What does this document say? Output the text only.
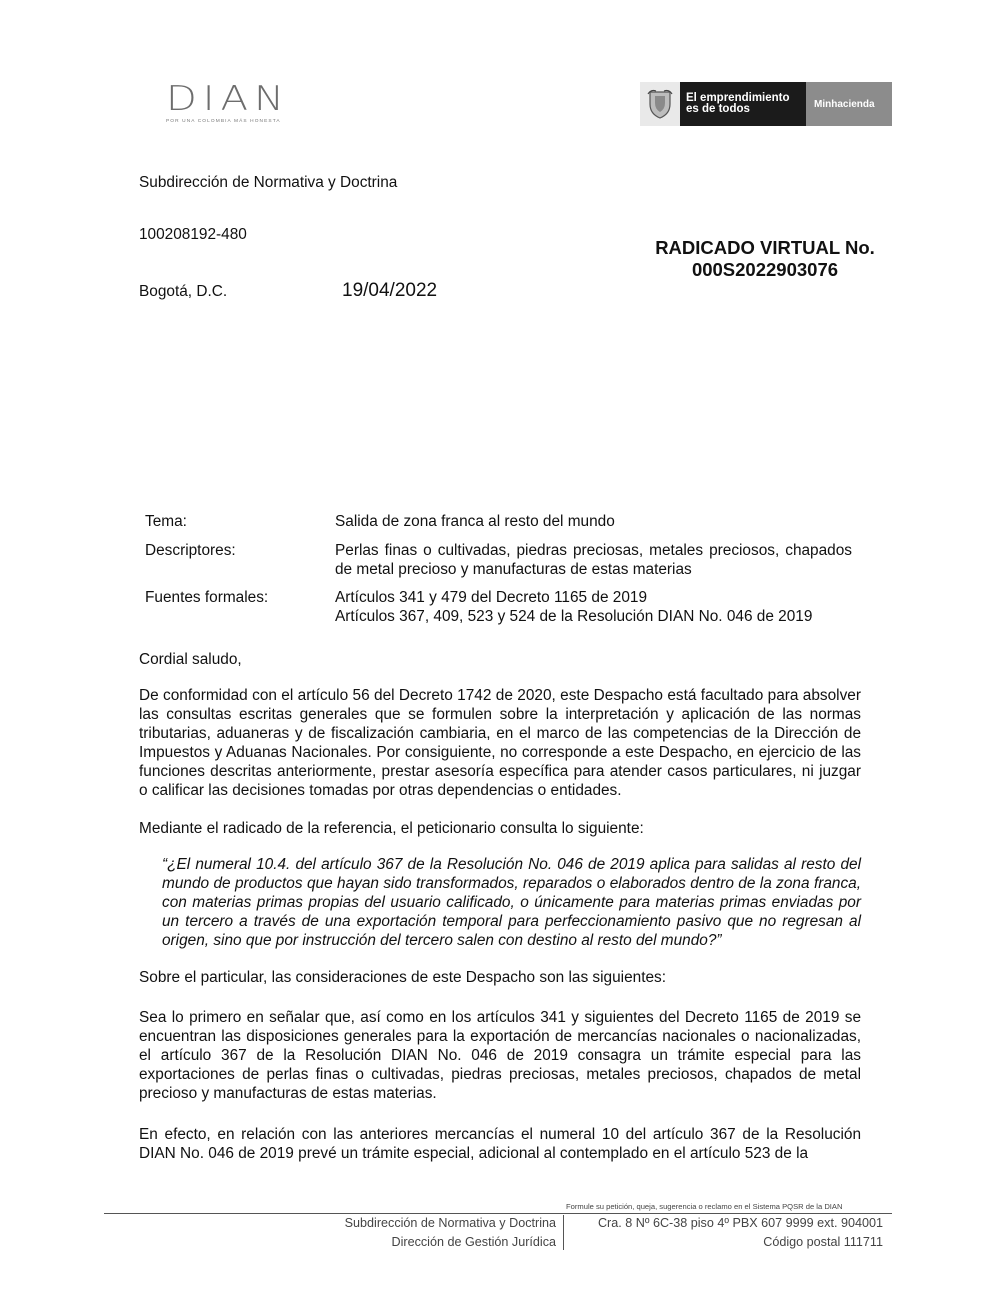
DIAN
POR UNA COLOMBIA MÁS HONESTA
El emprendimiento
es de todos	Minhacienda
Subdirección de Normativa y Doctrina
100208192-480
RADICADO VIRTUAL No.
000S2022903076
Bogotá, D.C.	19/04/2022
Tema:	Salida de zona franca al resto del mundo
Descriptores:	Perlas finas o cultivadas, piedras preciosas, metales preciosos, chapados de metal precioso y manufacturas de estas materias
Fuentes formales:	Artículos 341 y 479 del Decreto 1165 de 2019
Artículos 367, 409, 523 y 524 de la Resolución DIAN No. 046 de 2019
Cordial saludo,
De conformidad con el artículo 56 del Decreto 1742 de 2020, este Despacho está facultado para absolver las consultas escritas generales que se formulen sobre la interpretación y aplicación de las normas tributarias, aduaneras y de fiscalización cambiaria, en el marco de las competencias de la Dirección de Impuestos y Aduanas Nacionales. Por consiguiente, no corresponde a este Despacho, en ejercicio de las funciones descritas anteriormente, prestar asesoría específica para atender casos particulares, ni juzgar o calificar las decisiones tomadas por otras dependencias o entidades.
Mediante el radicado de la referencia, el peticionario consulta lo siguiente:
“¿El numeral 10.4. del artículo 367 de la Resolución No. 046 de 2019 aplica para salidas al resto del mundo de productos que hayan sido transformados, reparados o elaborados dentro de la zona franca, con materias primas propias del usuario calificado, o únicamente para materias primas enviadas por un tercero a través de una exportación temporal para perfeccionamiento pasivo que no regresan al origen, sino que por instrucción del tercero salen con destino al resto del mundo?”
Sobre el particular, las consideraciones de este Despacho son las siguientes:
Sea lo primero en señalar que, así como en los artículos 341 y siguientes del Decreto 1165 de 2019 se encuentran las disposiciones generales para la exportación de mercancías nacionales o nacionalizadas, el artículo 367 de la Resolución DIAN No. 046 de 2019 consagra un trámite especial para las exportaciones de perlas finas o cultivadas, piedras preciosas, metales preciosos, chapados de metal precioso y manufacturas de estas materias.
En efecto, en relación con las anteriores mercancías el numeral 10 del artículo 367 de la Resolución DIAN No. 046 de 2019 prevé un trámite especial, adicional al contemplado en el artículo 523 de la
Formule su petición, queja, sugerencia o reclamo en el Sistema PQSR de la DIAN
Subdirección de Normativa y Doctrina
Dirección de Gestión Jurídica
Cra. 8 Nº 6C-38 piso 4º PBX 607 9999 ext. 904001
Código postal 111711
